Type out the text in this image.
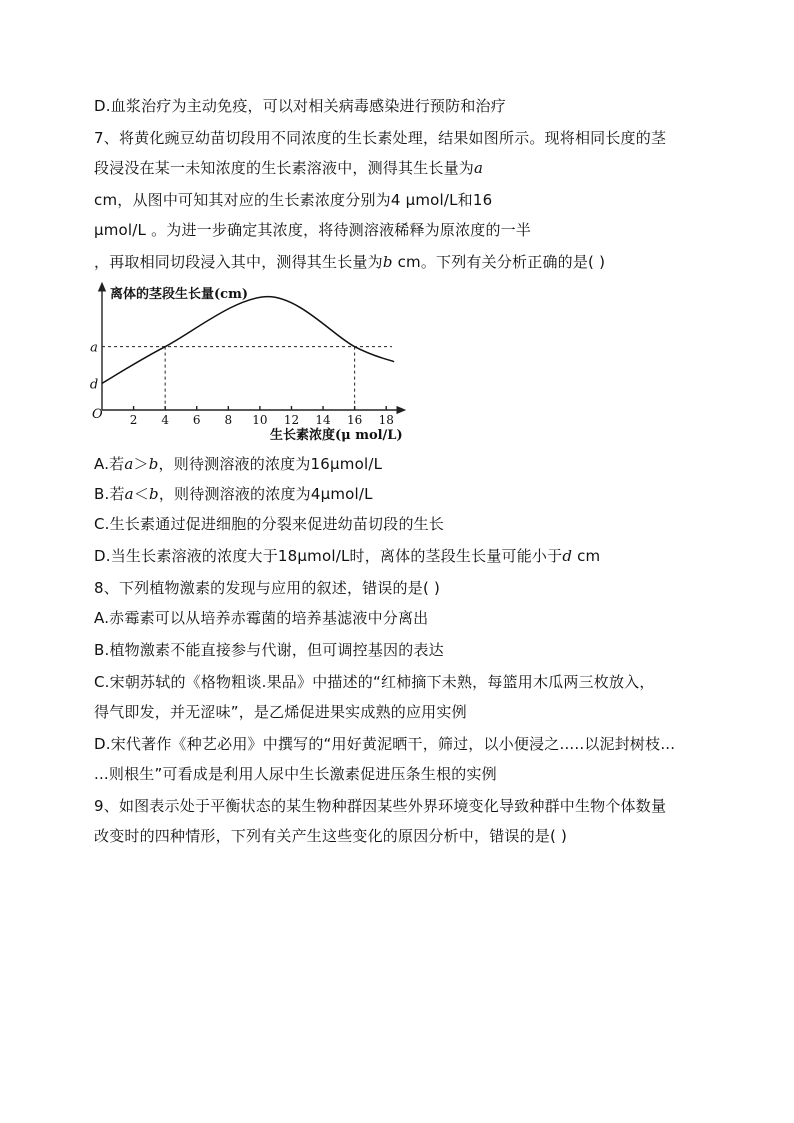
D.血浆治疗为主动免疫，可以对相关病毒感染进行预防和治疗
7、将黄化豌豆幼苗切段用不同浓度的生长素处理，结果如图所示。现将相同长度的茎
段浸没在某一未知浓度的生长素溶液中，测得其生长量为a
cm，从图中可知其对应的生长素浓度分别为4 μmol/L和16
μmol/L 。为进一步确定其浓度，将待测溶液稀释为原浓度的一半
，再取相同切段浸入其中，测得其生长量为b cm。下列有关分析正确的是( )
离体的茎段生长量(cm)
生长素浓度(μ mol/L)
O 2 4 6 8 10 12 14 16 18
d
a
A.若a＞b，则待测溶液的浓度为16μmol/L
B.若a＜b，则待测溶液的浓度为4μmol/L
C.生长素通过促进细胞的分裂来促进幼苗切段的生长
D.当生长素溶液的浓度大于18μmol/L时，离体的茎段生长量可能小于d cm
8、下列植物激素的发现与应用的叙述，错误的是( )
A.赤霉素可以从培养赤霉菌的培养基滤液中分离出
B.植物激素不能直接参与代谢，但可调控基因的表达
C.宋朝苏轼的《格物粗谈.果品》中描述的“红柿摘下未熟，每篮用木瓜两三枚放入，
得气即发，并无涩味”，是乙烯促进果实成熟的应用实例
D.宋代著作《种艺必用》中撰写的“用好黄泥晒干，筛过，以小便浸之.....以泥封树枝...
...则根生”可看成是利用人尿中生长激素促进压条生根的实例
9、如图表示处于平衡状态的某生物种群因某些外界环境变化导致种群中生物个体数量
改变时的四种情形，下列有关产生这些变化的原因分析中，错误的是( )
